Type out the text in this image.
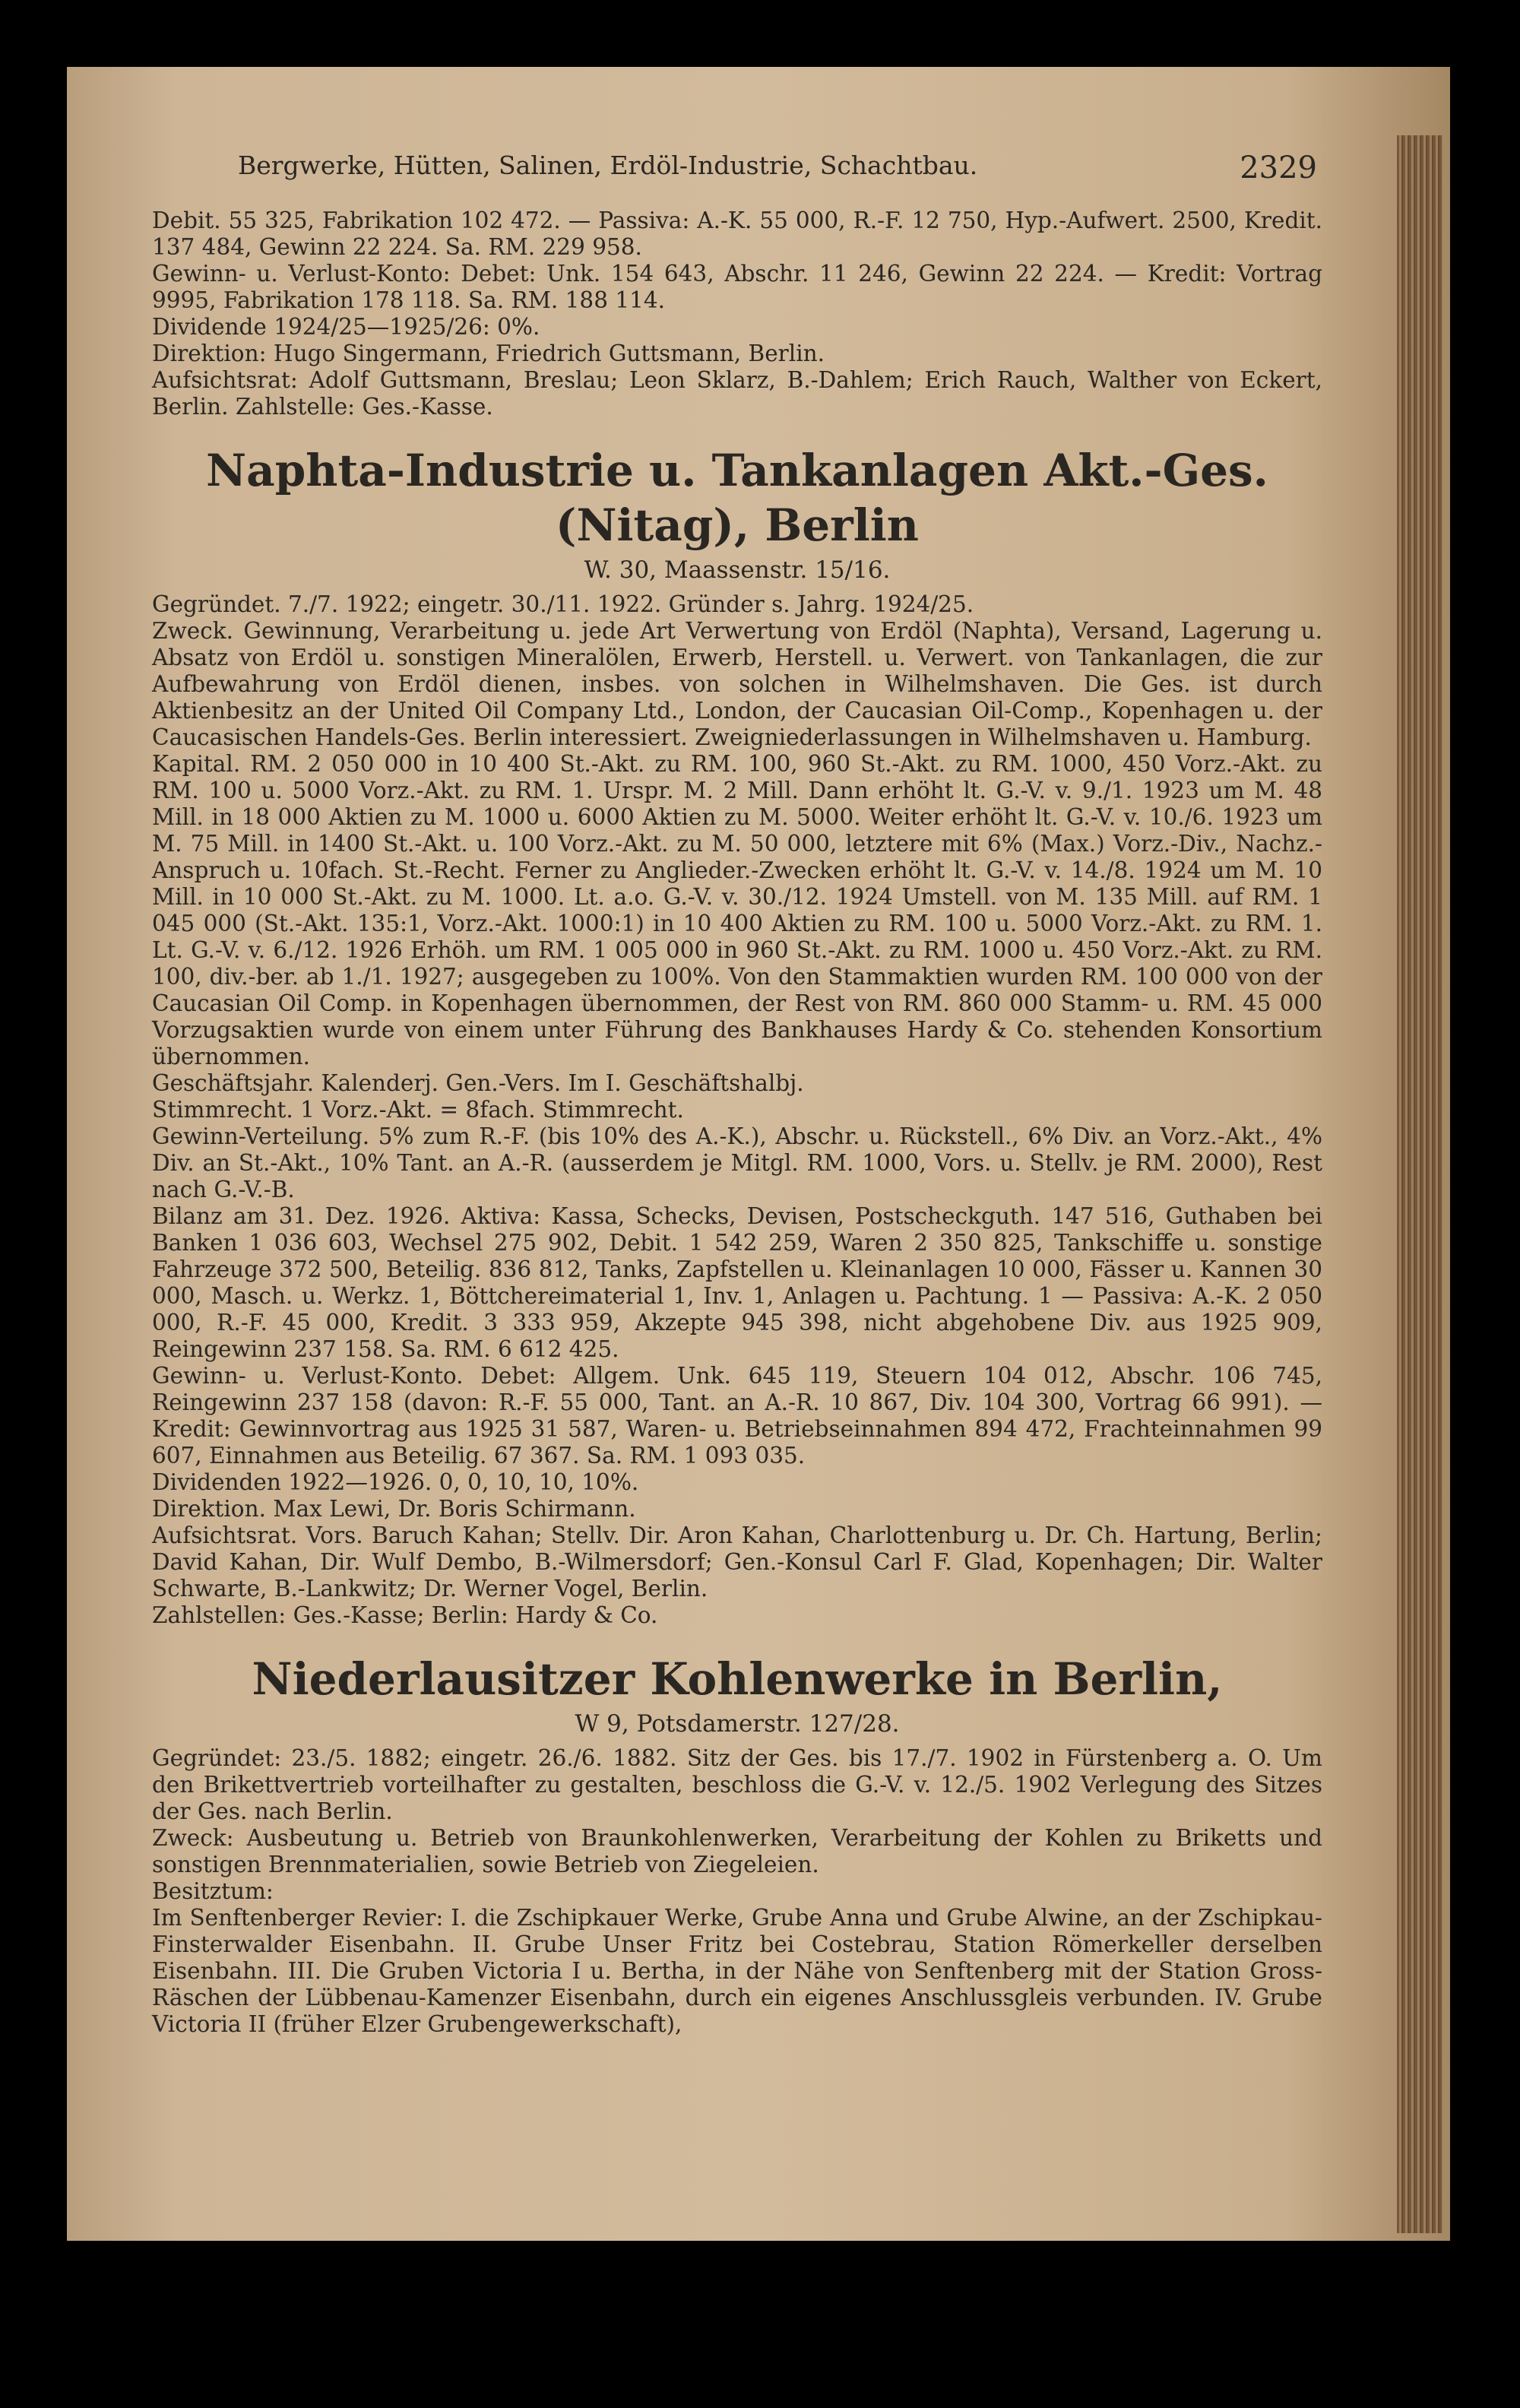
Bergwerke, Hütten, Salinen, Erdöl-Industrie, Schachtbau.	2329

Debit. 55 325, Fabrikation 102 472. — Passiva: A.-K. 55 000, R.-F. 12 750, Hyp.-Aufwert. 2500, Kredit. 137 484, Gewinn 22 224. Sa. RM. 229 958.

Gewinn- u. Verlust-Konto: Debet: Unk. 154 643, Abschr. 11 246, Gewinn 22 224. — Kredit: Vortrag 9995, Fabrikation 178 118. Sa. RM. 188 114.

Dividende 1924/25—1925/26: 0%.

Direktion: Hugo Singermann, Friedrich Guttsmann, Berlin.

Aufsichtsrat: Adolf Guttsmann, Breslau; Leon Sklarz, B.-Dahlem; Erich Rauch, Walther von Eckert, Berlin. Zahlstelle: Ges.-Kasse.

Naphta-Industrie u. Tankanlagen Akt.-Ges. (Nitag), Berlin
W. 30, Maassenstr. 15/16.

Gegründet. 7./7. 1922; eingetr. 30./11. 1922. Gründer s. Jahrg. 1924/25.

Zweck. Gewinnung, Verarbeitung u. jede Art Verwertung von Erdöl (Naphta), Versand, Lagerung u. Absatz von Erdöl u. sonstigen Mineralölen, Erwerb, Herstell. u. Verwert. von Tankanlagen, die zur Aufbewahrung von Erdöl dienen, insbes. von solchen in Wilhelmshaven. Die Ges. ist durch Aktienbesitz an der United Oil Company Ltd., London, der Caucasian Oil-Comp., Kopenhagen u. der Caucasischen Handels-Ges. Berlin interessiert. Zweigniederlassungen in Wilhelmshaven u. Hamburg.

Kapital. RM. 2 050 000 in 10 400 St.-Akt. zu RM. 100, 960 St.-Akt. zu RM. 1000, 450 Vorz.-Akt. zu RM. 100 u. 5000 Vorz.-Akt. zu RM. 1. Urspr. M. 2 Mill. Dann erhöht lt. G.-V. v. 9./1. 1923 um M. 48 Mill. in 18 000 Aktien zu M. 1000 u. 6000 Aktien zu M. 5000. Weiter erhöht lt. G.-V. v. 10./6. 1923 um M. 75 Mill. in 1400 St.-Akt. u. 100 Vorz.-Akt. zu M. 50 000, letztere mit 6% (Max.) Vorz.-Div., Nachz.-Anspruch u. 10fach. St.-Recht. Ferner zu Anglieder.-Zwecken erhöht lt. G.-V. v. 14./8. 1924 um M. 10 Mill. in 10 000 St.-Akt. zu M. 1000. Lt. a.o. G.-V. v. 30./12. 1924 Umstell. von M. 135 Mill. auf RM. 1 045 000 (St.-Akt. 135:1, Vorz.-Akt. 1000:1) in 10 400 Aktien zu RM. 100 u. 5000 Vorz.-Akt. zu RM. 1. Lt. G.-V. v. 6./12. 1926 Erhöh. um RM. 1 005 000 in 960 St.-Akt. zu RM. 1000 u. 450 Vorz.-Akt. zu RM. 100, div.-ber. ab 1./1. 1927; ausgegeben zu 100%. Von den Stammaktien wurden RM. 100 000 von der Caucasian Oil Comp. in Kopenhagen übernommen, der Rest von RM. 860 000 Stamm- u. RM. 45 000 Vorzugsaktien wurde von einem unter Führung des Bankhauses Hardy & Co. stehenden Konsortium übernommen.

Geschäftsjahr. Kalenderj. Gen.-Vers. Im I. Geschäftshalbj.

Stimmrecht. 1 Vorz.-Akt. = 8fach. Stimmrecht.

Gewinn-Verteilung. 5% zum R.-F. (bis 10% des A.-K.), Abschr. u. Rückstell., 6% Div. an Vorz.-Akt., 4% Div. an St.-Akt., 10% Tant. an A.-R. (ausserdem je Mitgl. RM. 1000, Vors. u. Stellv. je RM. 2000), Rest nach G.-V.-B.

Bilanz am 31. Dez. 1926. Aktiva: Kassa, Schecks, Devisen, Postscheckguth. 147 516, Guthaben bei Banken 1 036 603, Wechsel 275 902, Debit. 1 542 259, Waren 2 350 825, Tankschiffe u. sonstige Fahrzeuge 372 500, Beteilig. 836 812, Tanks, Zapfstellen u. Kleinanlagen 10 000, Fässer u. Kannen 30 000, Masch. u. Werkz. 1, Böttchereimaterial 1, Inv. 1, Anlagen u. Pachtung. 1 — Passiva: A.-K. 2 050 000, R.-F. 45 000, Kredit. 3 333 959, Akzepte 945 398, nicht abgehobene Div. aus 1925 909, Reingewinn 237 158. Sa. RM. 6 612 425.

Gewinn- u. Verlust-Konto. Debet: Allgem. Unk. 645 119, Steuern 104 012, Abschr. 106 745, Reingewinn 237 158 (davon: R.-F. 55 000, Tant. an A.-R. 10 867, Div. 104 300, Vortrag 66 991). — Kredit: Gewinnvortrag aus 1925 31 587, Waren- u. Betriebseinnahmen 894 472, Frachteinnahmen 99 607, Einnahmen aus Beteilig. 67 367. Sa. RM. 1 093 035.

Dividenden 1922—1926. 0, 0, 10, 10, 10%.

Direktion. Max Lewi, Dr. Boris Schirmann.

Aufsichtsrat. Vors. Baruch Kahan; Stellv. Dir. Aron Kahan, Charlottenburg u. Dr. Ch. Hartung, Berlin; David Kahan, Dir. Wulf Dembo, B.-Wilmersdorf; Gen.-Konsul Carl F. Glad, Kopenhagen; Dir. Walter Schwarte, B.-Lankwitz; Dr. Werner Vogel, Berlin.

Zahlstellen: Ges.-Kasse; Berlin: Hardy & Co.

Niederlausitzer Kohlenwerke in Berlin,
W 9, Potsdamerstr. 127/28.

Gegründet: 23./5. 1882; eingetr. 26./6. 1882. Sitz der Ges. bis 17./7. 1902 in Fürstenberg a. O. Um den Brikettvertrieb vorteilhafter zu gestalten, beschloss die G.-V. v. 12./5. 1902 Verlegung des Sitzes der Ges. nach Berlin.

Zweck: Ausbeutung u. Betrieb von Braunkohlenwerken, Verarbeitung der Kohlen zu Briketts und sonstigen Brennmaterialien, sowie Betrieb von Ziegeleien.

Besitztum:

Im Senftenberger Revier: I. die Zschipkauer Werke, Grube Anna und Grube Alwine, an der Zschipkau-Finsterwalder Eisenbahn. II. Grube Unser Fritz bei Costebrau, Station Römerkeller derselben Eisenbahn. III. Die Gruben Victoria I u. Bertha, in der Nähe von Senftenberg mit der Station Gross-Räschen der Lübbenau-Kamenzer Eisenbahn, durch ein eigenes Anschlussgleis verbunden. IV. Grube Victoria II (früher Elzer Grubengewerkschaft),
